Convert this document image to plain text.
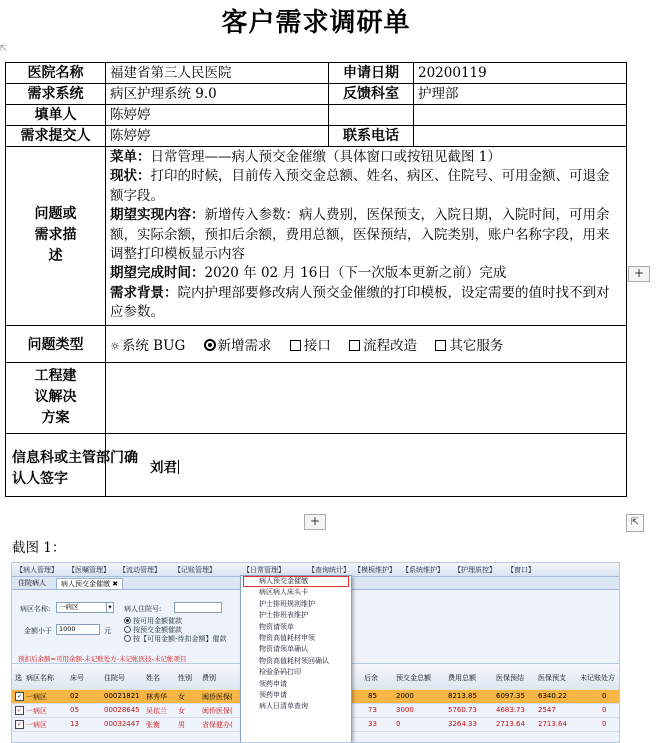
客户需求调研单
⇱
医院名称	福建省第三人民医院	申请日期	20200119
需求系统	病区护理系统 9.0	反馈科室	护理部
填单人	陈婷婷		
需求提交人	陈婷婷	联系电话	

问题或需求描述	菜单：日常管理——病人预交金催缴（具体窗口或按钮见截图 1）

现状：打印的时候，目前传入预交金总额、姓名、病区、住院号、可用金额、可退金额字段。

期望实现内容：新增传入参数：病人费别，医保预支，入院日期，入院时间，可用余额，实际余额，预扣后余额，费用总额，医保预结，入院类别，账户名称字段，用来调整打印模板显示内容

期望完成时间：2020 年 02 月 16日（下一次版本更新之前）完成

需求背景：院内护理部要修改病人预交金催缴的打印模板，设定需要的值时找不到对应参数。		

问题类型	☼ 系统 BUG 新增需求 接口 流程改造 其它服务		

工程建议解决方案			

信息科或主管部门确认人签字	刘君		
+
+	⇱
截图 1：
【病人管理】 【医嘱管理】 【流动管理】 【记账管理】	【日常管理】	【查询统计】 【模板维护】 【系统维护】 【护理质控】 【窗口】
住院病人	病人预交金催缴 ✖
病区名称:	一病区	▾	病人住院号:
金额小于	1000	元
按可用金额催款
按预交金额催款
按【可用金额-待扣金额】催款
预扣后余额=可用余额-未记账处方-未记帐医技-未记帐项目
选 病区名称 床号	住院号	姓名	性别 费别	后余	预交金总额 费用总额	医保预结 医保预支 未记账处方
✓ 一病区	02	00021821 林秀华 女 闽侨医保(	85	2000	8213.85	6097.35 6340.22	0
✓ 一病区	05	00028645 吴依兰 女 闽侨医保(	73	3000	5760.73	4683.73 2547	0
✓ 一病区	13	00032447 张衡	男 省保健办(	33	0	3264.33	2713.64 2713.64	0
病人预交金催缴
病区病人床头卡
护士排班规则维护
护士排班表维护
物资请领单
物资高值耗材申领
物资请领单确认
物资高值耗材领回确认
检验条码打印
领药申请
领药申请
病人日清单查询
